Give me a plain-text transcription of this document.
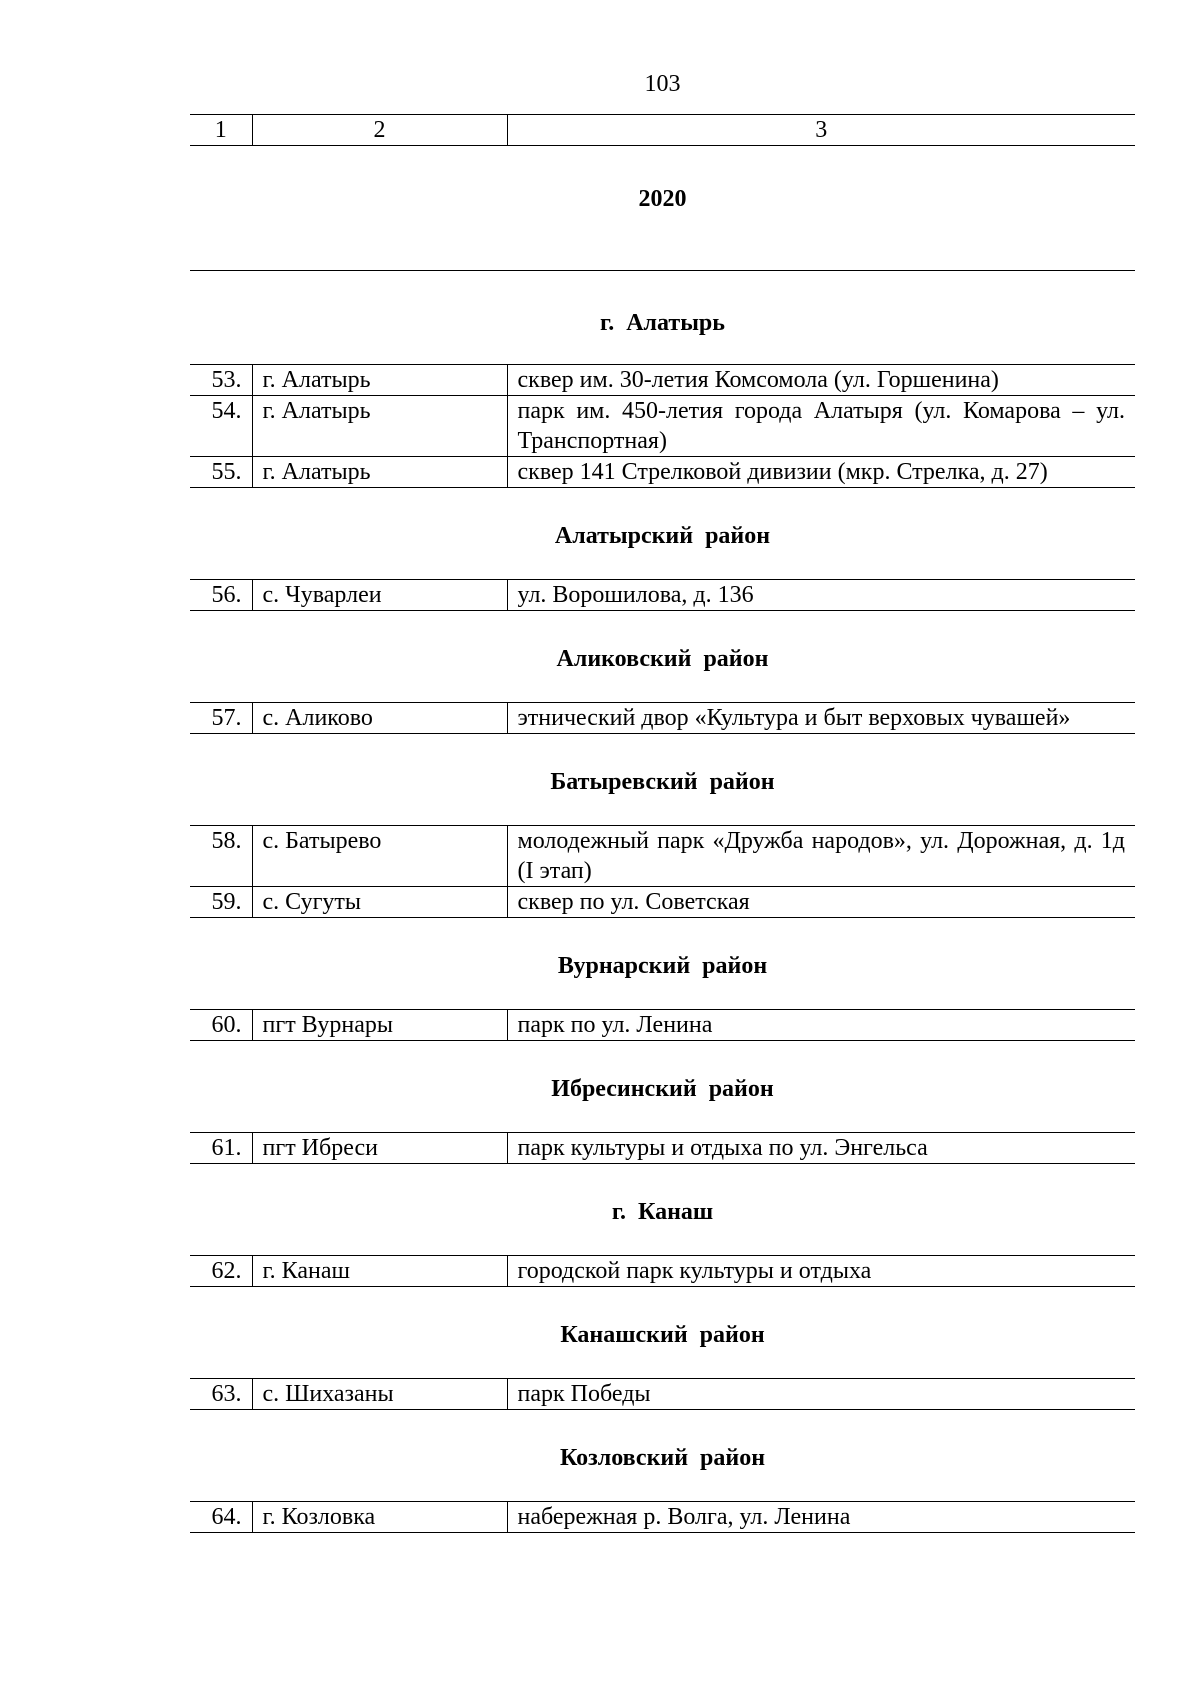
103
1	2	3
2020
г. Алатырь
53.	г. Алатырь	сквер им. 30-летия Комсомола (ул. Горшенина)
54.	г. Алатырь	парк им. 450-летия города Алатыря (ул. Комарова – ул. Транспортная)
55.	г. Алатырь	сквер 141 Стрелковой дивизии (мкр. Стрелка, д. 27)
Алатырский район
56.	с. Чуварлеи	ул. Ворошилова, д. 136
Аликовский район
57.	с. Аликово	этнический двор «Культура и быт верховых чувашей»
Батыревский район
58.	с. Батырево	молодежный парк «Дружба народов», ул. Дорожная, д. 1д (I этап)
59.	с. Сугуты	сквер по ул. Советская
Вурнарский район
60.	пгт Вурнары	парк по ул. Ленина
Ибресинский район
61.	пгт Ибреси	парк культуры и отдыха по ул. Энгельса
г. Канаш
62.	г. Канаш	городской парк культуры и отдыха
Канашский район
63.	с. Шихазаны	парк Победы
Козловский район
64.	г. Козловка	набережная р. Волга, ул. Ленина
